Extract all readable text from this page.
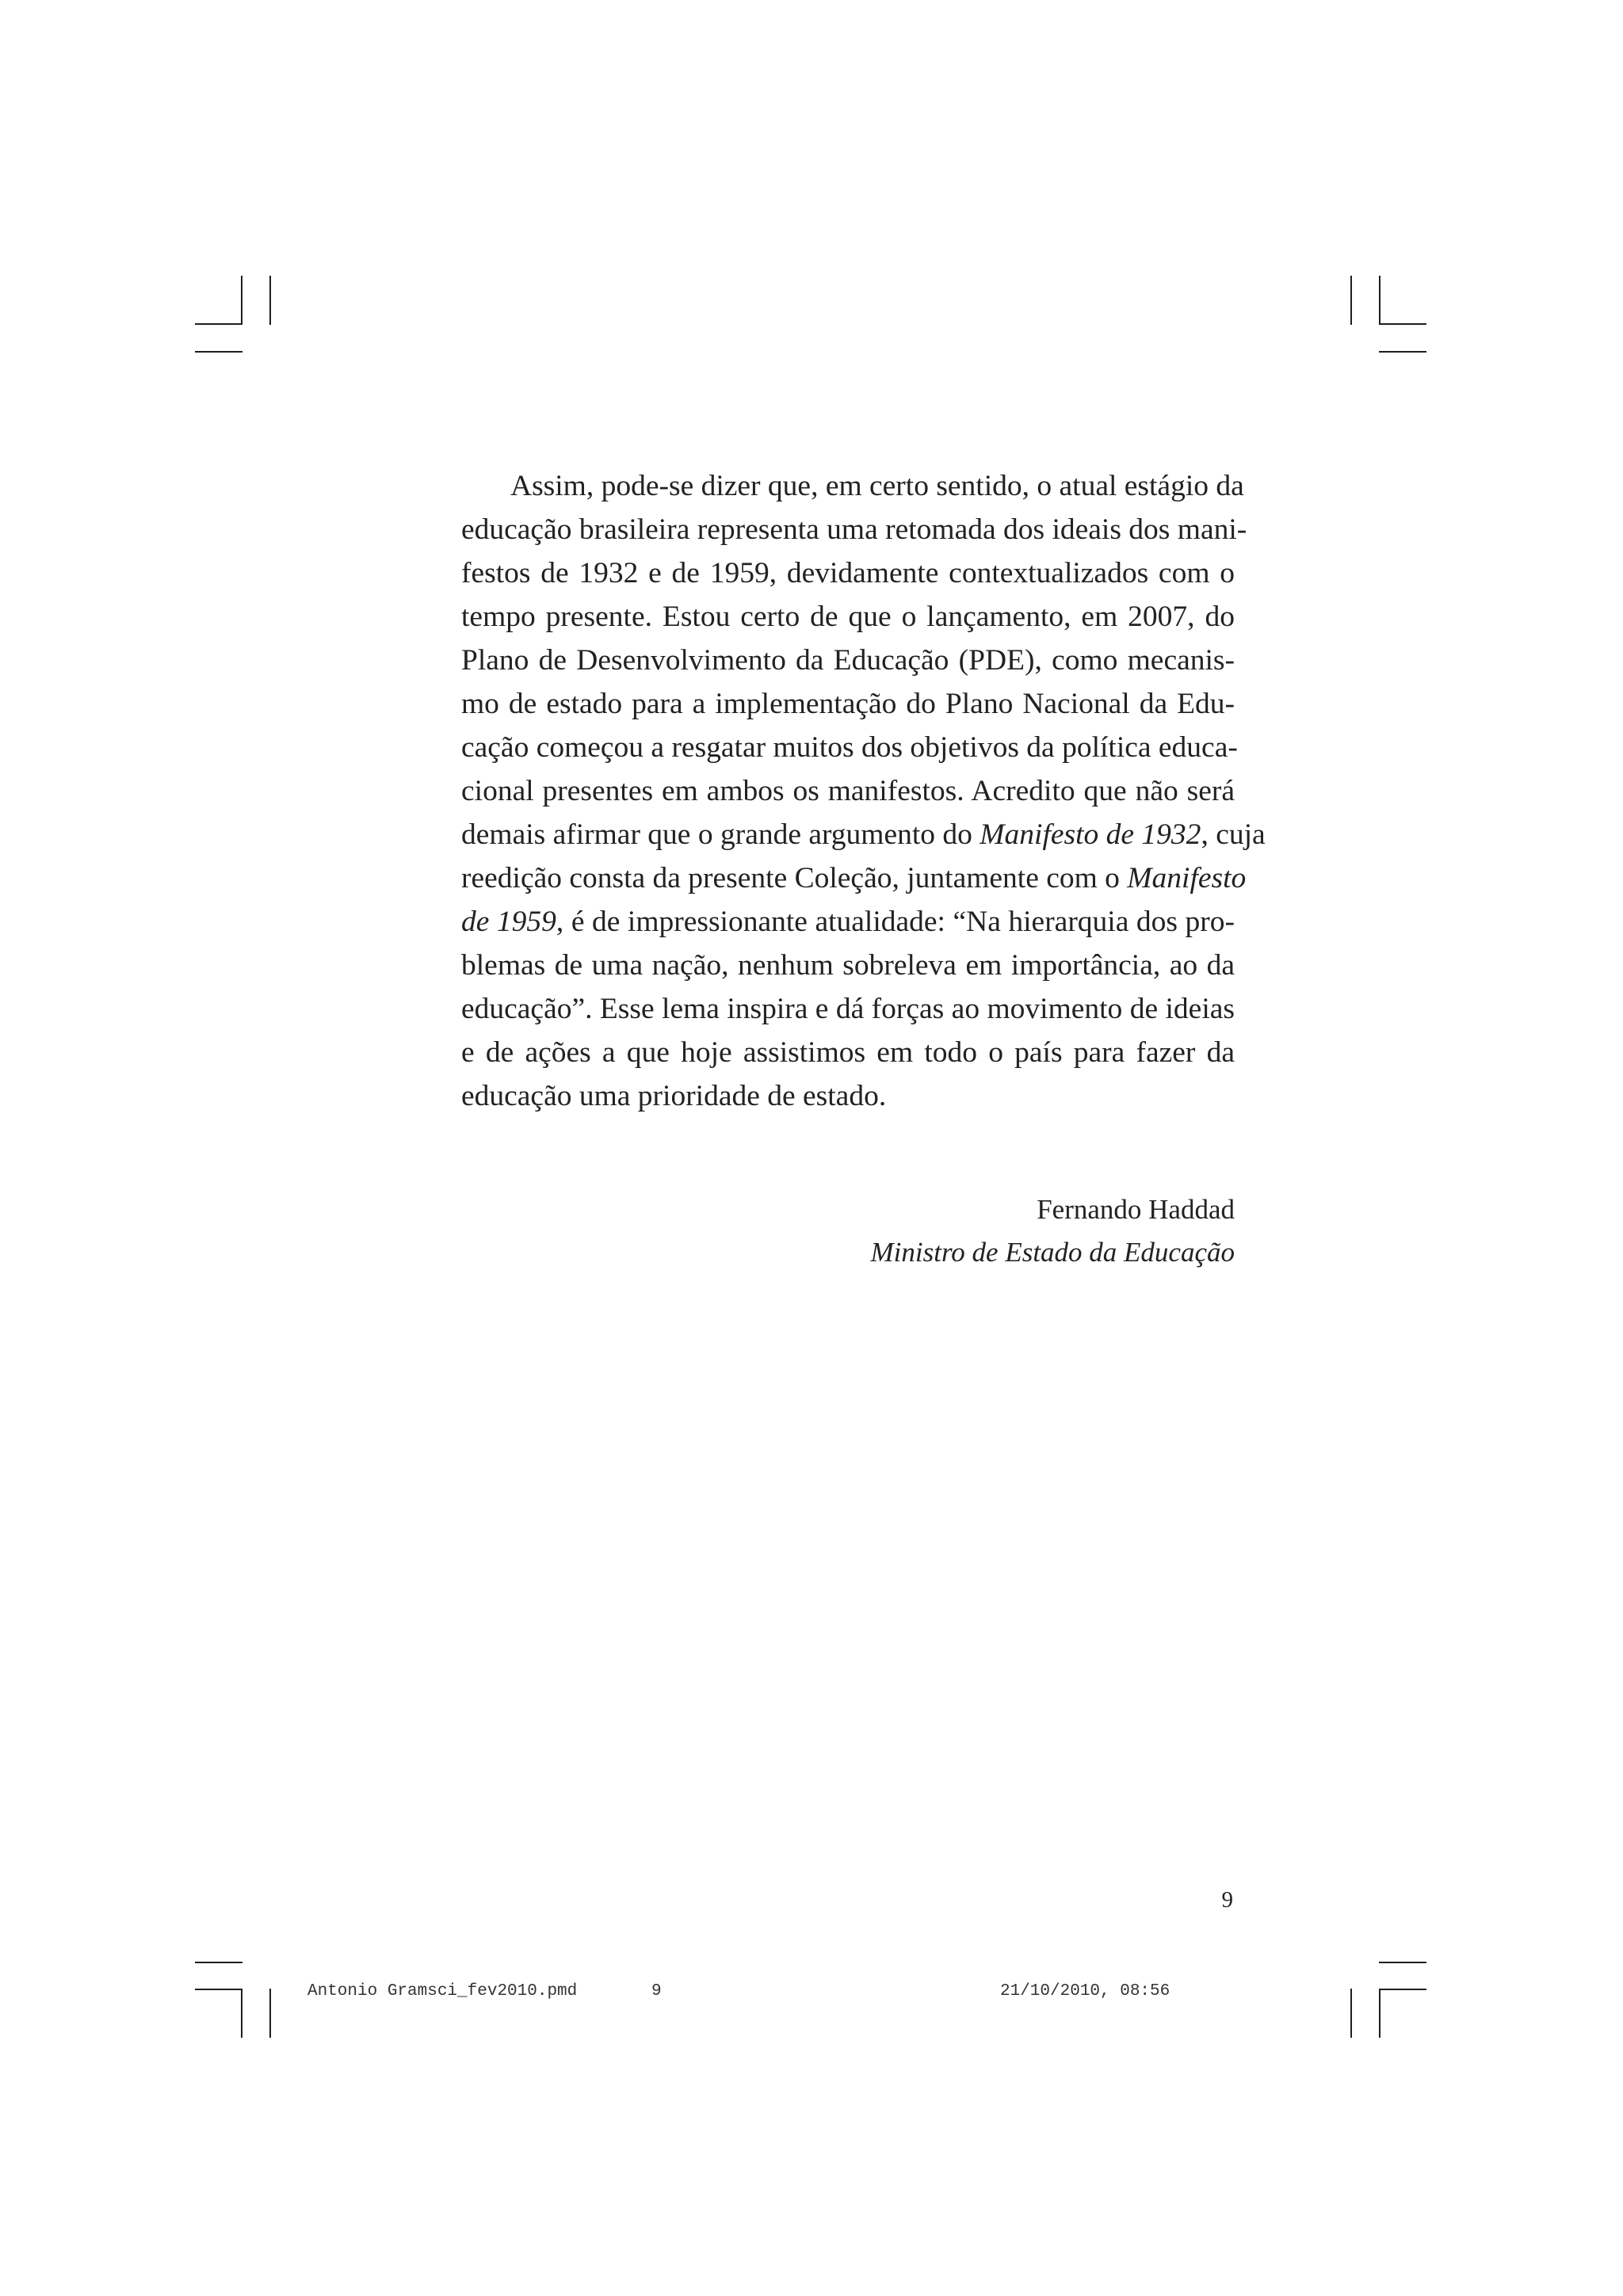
Assim, pode-se dizer que, em certo sentido, o atual estágio da
educação brasileira representa uma retomada dos ideais dos mani-
festos de 1932 e de 1959, devidamente contextualizados com o
tempo presente. Estou certo de que o lançamento, em 2007, do
Plano de Desenvolvimento da Educação (PDE), como mecanis-
mo de estado para a implementação do Plano Nacional da Edu-
cação começou a resgatar muitos dos objetivos da política educa-
cional presentes em ambos os manifestos. Acredito que não será
demais afirmar que o grande argumento do Manifesto de 1932, cuja
reedição consta da presente Coleção, juntamente com o Manifesto
de 1959, é de impressionante atualidade: “Na hierarquia dos pro-
blemas de uma nação, nenhum sobreleva em importância, ao da
educação”. Esse lema inspira e dá forças ao movimento de ideias
e de ações a que hoje assistimos em todo o país para fazer da
educação uma prioridade de estado.

Fernando Haddad
Ministro de Estado da Educação
9
Antonio Gramsci_fev2010.pmd	9	21/10/2010, 08:56
